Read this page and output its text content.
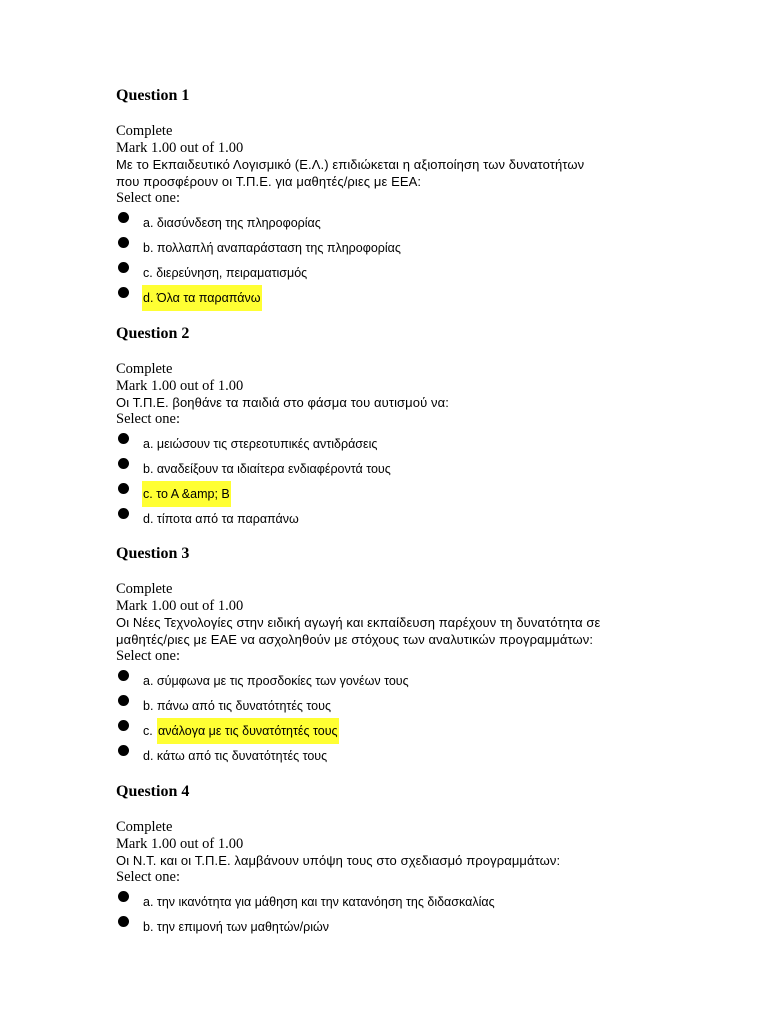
Question 1
Complete
Mark 1.00 out of 1.00
Με το Εκπαιδευτικό Λογισμικό (Ε.Λ.) επιδιώκεται η αξιοποίηση των δυνατοτήτων
που προσφέρουν οι Τ.Π.Ε. για μαθητές/ριες με ΕΕΑ:
Select one:
a. διασύνδεση της πληροφορίας
b. πολλαπλή αναπαράσταση της πληροφορίας
c. διερεύνηση, πειραματισμός
d. Όλα τα παραπάνω
Question 2
Complete
Mark 1.00 out of 1.00
Οι Τ.Π.Ε. βοηθάνε τα παιδιά στο φάσμα του αυτισμού να:
Select one:
a. μειώσουν τις στερεοτυπικές αντιδράσεις
b. αναδείξουν τα ιδιαίτερα ενδιαφέροντά τους
c. το Α &amp; Β
d. τίποτα από τα παραπάνω
Question 3
Complete
Mark 1.00 out of 1.00
Οι Νέες Τεχνολογίες στην ειδική αγωγή και εκπαίδευση παρέχουν τη δυνατότητα σε
μαθητές/ριες με ΕΑΕ να ασχοληθούν με στόχους των αναλυτικών προγραμμάτων:
Select one:
a. σύμφωνα με τις προσδοκίες των γονέων τους
b. πάνω από τις δυνατότητές τους
c. ανάλογα με τις δυνατότητές τους
d. κάτω από τις δυνατότητές τους
Question 4
Complete
Mark 1.00 out of 1.00
Οι Ν.Τ. και οι Τ.Π.Ε. λαμβάνουν υπόψη τους στο σχεδιασμό προγραμμάτων:
Select one:
a. την ικανότητα για μάθηση και την κατανόηση της διδασκαλίας
b. την επιμονή των μαθητών/ριών
